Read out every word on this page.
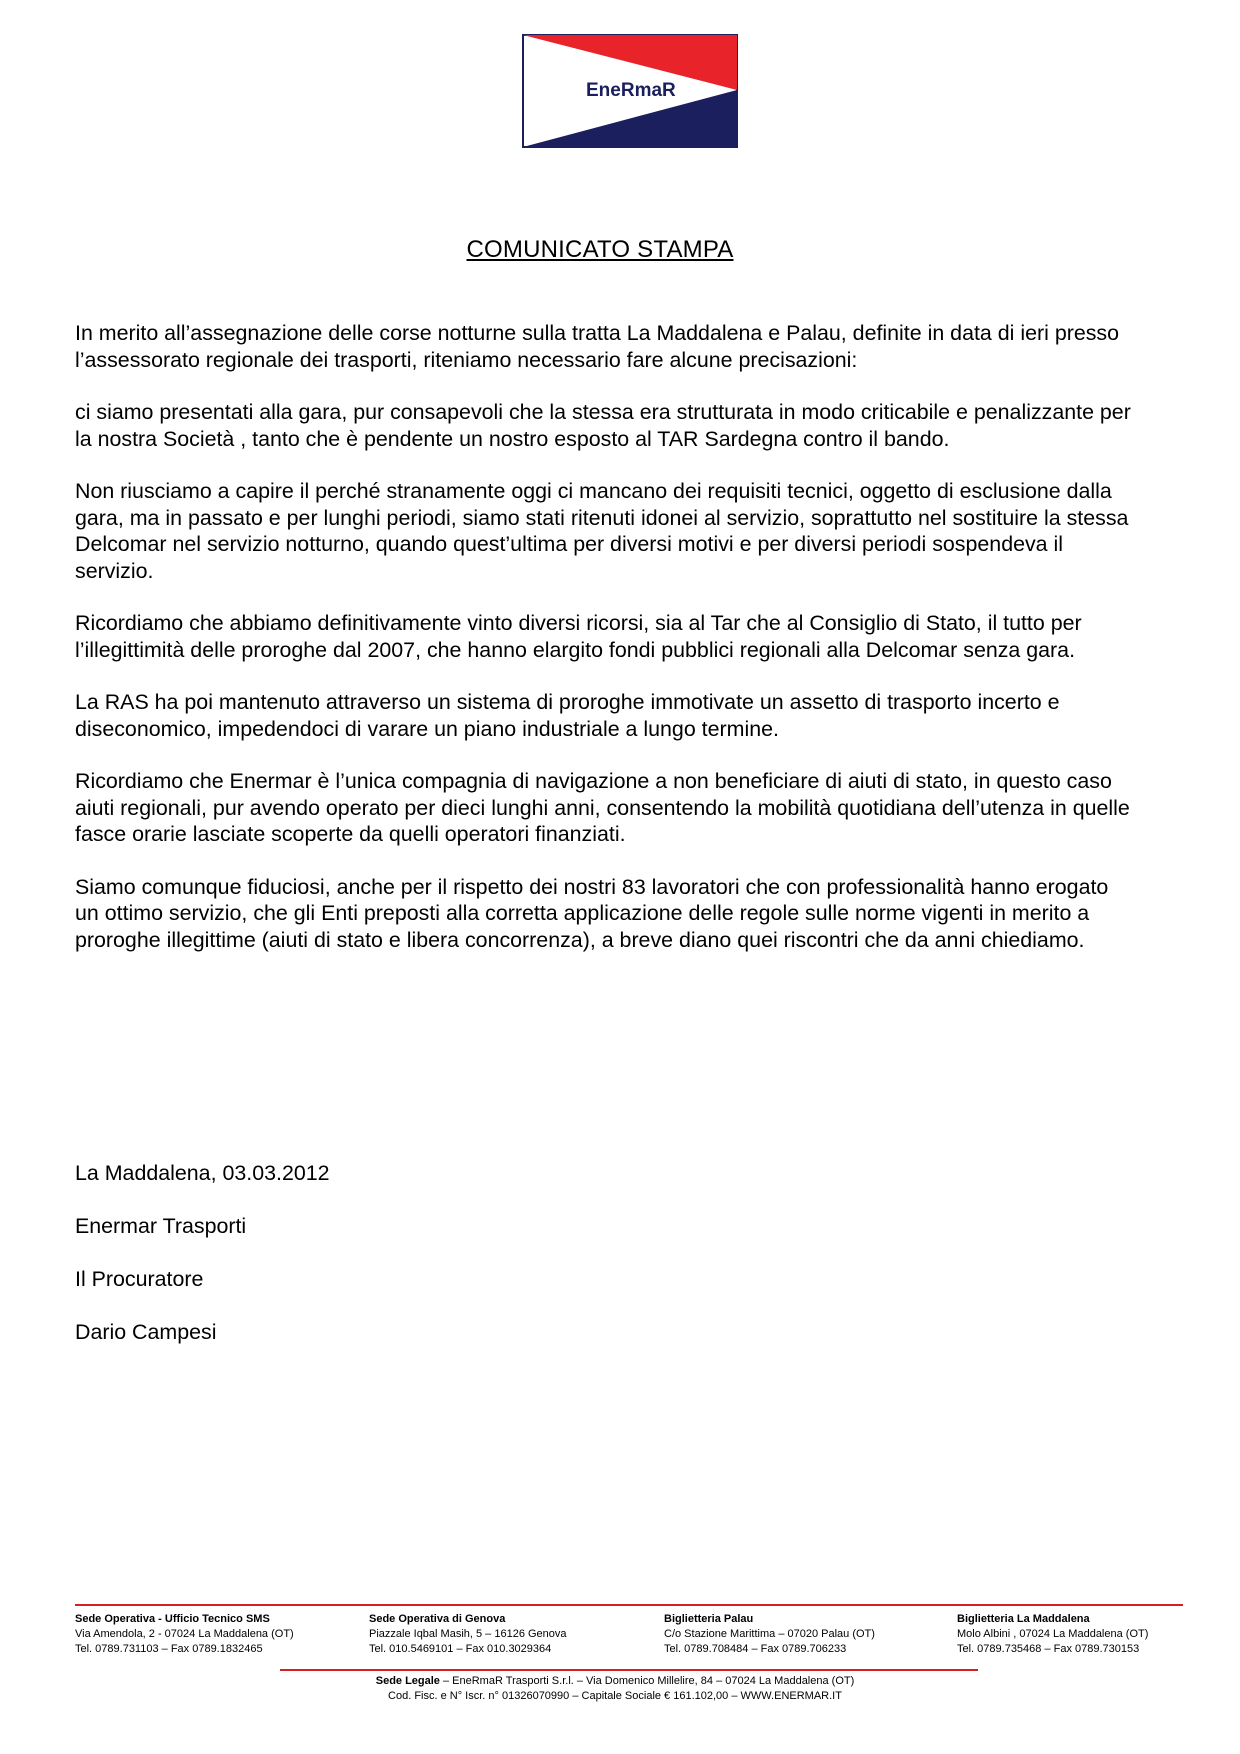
EneRmaR
COMUNICATO STAMPA

In merito all’assegnazione delle corse notturne sulla tratta La Maddalena e Palau, definite in data di ieri presso l’assessorato regionale dei trasporti, riteniamo necessario fare alcune precisazioni:

ci siamo presentati alla gara, pur consapevoli che la stessa era strutturata in modo criticabile e penalizzante per la nostra Società , tanto che è pendente un nostro esposto al TAR Sardegna contro il bando.

Non riusciamo a capire il perché stranamente oggi ci mancano dei requisiti tecnici, oggetto di esclusione dalla gara, ma in passato e per lunghi periodi, siamo stati ritenuti idonei al servizio, soprattutto nel sostituire la stessa Delcomar nel servizio notturno, quando quest’ultima per diversi motivi e per diversi periodi sospendeva il servizio.

Ricordiamo che abbiamo definitivamente vinto diversi ricorsi, sia al Tar che al Consiglio di Stato, il tutto per l’illegittimità delle proroghe dal 2007, che hanno elargito fondi pubblici regionali alla Delcomar senza gara.

La RAS ha poi mantenuto attraverso un sistema di proroghe immotivate un assetto di trasporto incerto e diseconomico, impedendoci di varare un piano industriale a lungo termine.

Ricordiamo che Enermar è l’unica compagnia di navigazione a non beneficiare di aiuti di stato, in questo caso aiuti regionali, pur avendo operato per dieci lunghi anni, consentendo la mobilità quotidiana dell’utenza in quelle fasce orarie lasciate scoperte da quelli operatori finanziati.

Siamo comunque fiduciosi, anche per il rispetto dei nostri 83 lavoratori che con professionalità hanno erogato un ottimo servizio, che gli Enti preposti alla corretta applicazione delle regole sulle norme vigenti in merito a proroghe illegittime (aiuti di stato e libera concorrenza), a breve diano quei riscontri che da anni chiediamo.

La Maddalena, 03.03.2012

Enermar Trasporti

Il Procuratore

Dario Campesi

Sede Operativa - Ufficio Tecnico SMS
Via Amendola, 2 - 07024 La Maddalena (OT)
Tel. 0789.731103 – Fax 0789.1832465
Sede Operativa di Genova
Piazzale Iqbal Masih, 5 – 16126 Genova
Tel. 010.5469101 – Fax 010.3029364
Biglietteria Palau
C/o Stazione Marittima – 07020 Palau (OT)
Tel. 0789.708484 – Fax 0789.706233
Biglietteria La Maddalena
Molo Albini , 07024 La Maddalena (OT)
Tel. 0789.735468 – Fax 0789.730153
Sede Legale – EneRmaR Trasporti S.r.l. – Via Domenico Millelire, 84 – 07024 La Maddalena (OT)
Cod. Fisc. e N° Iscr. n° 01326070990 – Capitale Sociale € 161.102,00 – WWW.ENERMAR.IT
